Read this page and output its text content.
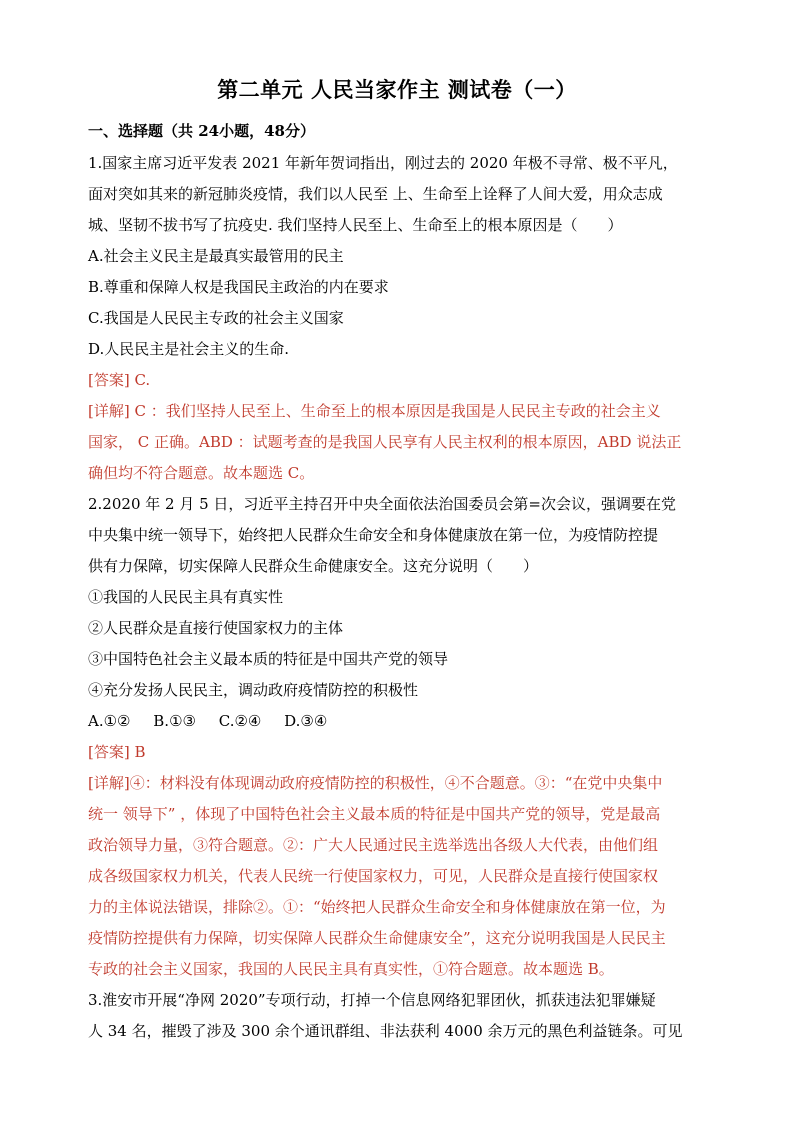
第二单元 人民当家作主 测试卷（一）
一、选择题（共 24小题，48分）

1.国家主席习近平发表 2021 年新年贺词指出，刚过去的 2020 年极不寻常、极不平凡，

面对突如其来的新冠肺炎疫情，我们以人民至 上、生命至上诠释了人间大爱，用众志成

城、坚韧不拔书写了抗疫史. 我们坚持人民至上、生命至上的根本原因是（　　）

A.社会主义民主是最真实最管用的民主

B.尊重和保障人权是我国民主政治的内在要求

C.我国是人民民主专政的社会主义国家

D.人民民主是社会主义的生命.

[答案] C.

[详解] C ：我们坚持人民至上、生命至上的根本原因是我国是人民民主专政的社会主义

国家， C 正确。ABD ：试题考查的是我国人民享有人民主权利的根本原因，ABD 说法正

确但均不符合题意。故本题选 C。

2.2020 年 2 月 5 日，习近平主持召开中央全面依法治国委员会第=次会议，强调要在党

中央集中统一领导下，始终把人民群众生命安全和身体健康放在第一位，为疫情防控提

供有力保障，切实保障人民群众生命健康安全。这充分说明（　　）

①我国的人民民主具有真实性

②人民群众是直接行使国家权力的主体

③中国特色社会主义最本质的特征是中国共产党的领导

④充分发扬人民民主，调动政府疫情防控的积极性

A.①② B.①③ C.②④ D.③④

[答案] B

[详解]④：材料没有体现调动政府疫情防控的积极性，④不合题意。③：“在党中央集中

统一 领导下” ，体现了中国特色社会主义最本质的特征是中国共产党的领导，党是最高

政治领导力量，③符合题意。②：广大人民通过民主选举选出各级人大代表，由他们组

成各级国家权力机关，代表人民统一行使国家权力，可见，人民群众是直接行使国家权

力的主体说法错误，排除②。①：“始终把人民群众生命安全和身体健康放在第一位，为

疫情防控提供有力保障，切实保障人民群众生命健康安全”，这充分说明我国是人民民主

专政的社会主义国家，我国的人民民主具有真实性，①符合题意。故本题选 B。

3.淮安市开展“净网 2020”专项行动，打掉一个信息网络犯罪团伙，抓获违法犯罪嫌疑

人 34 名，摧毁了涉及 300 余个通讯群组、非法获利 4000 余万元的黑色利益链条。可见
